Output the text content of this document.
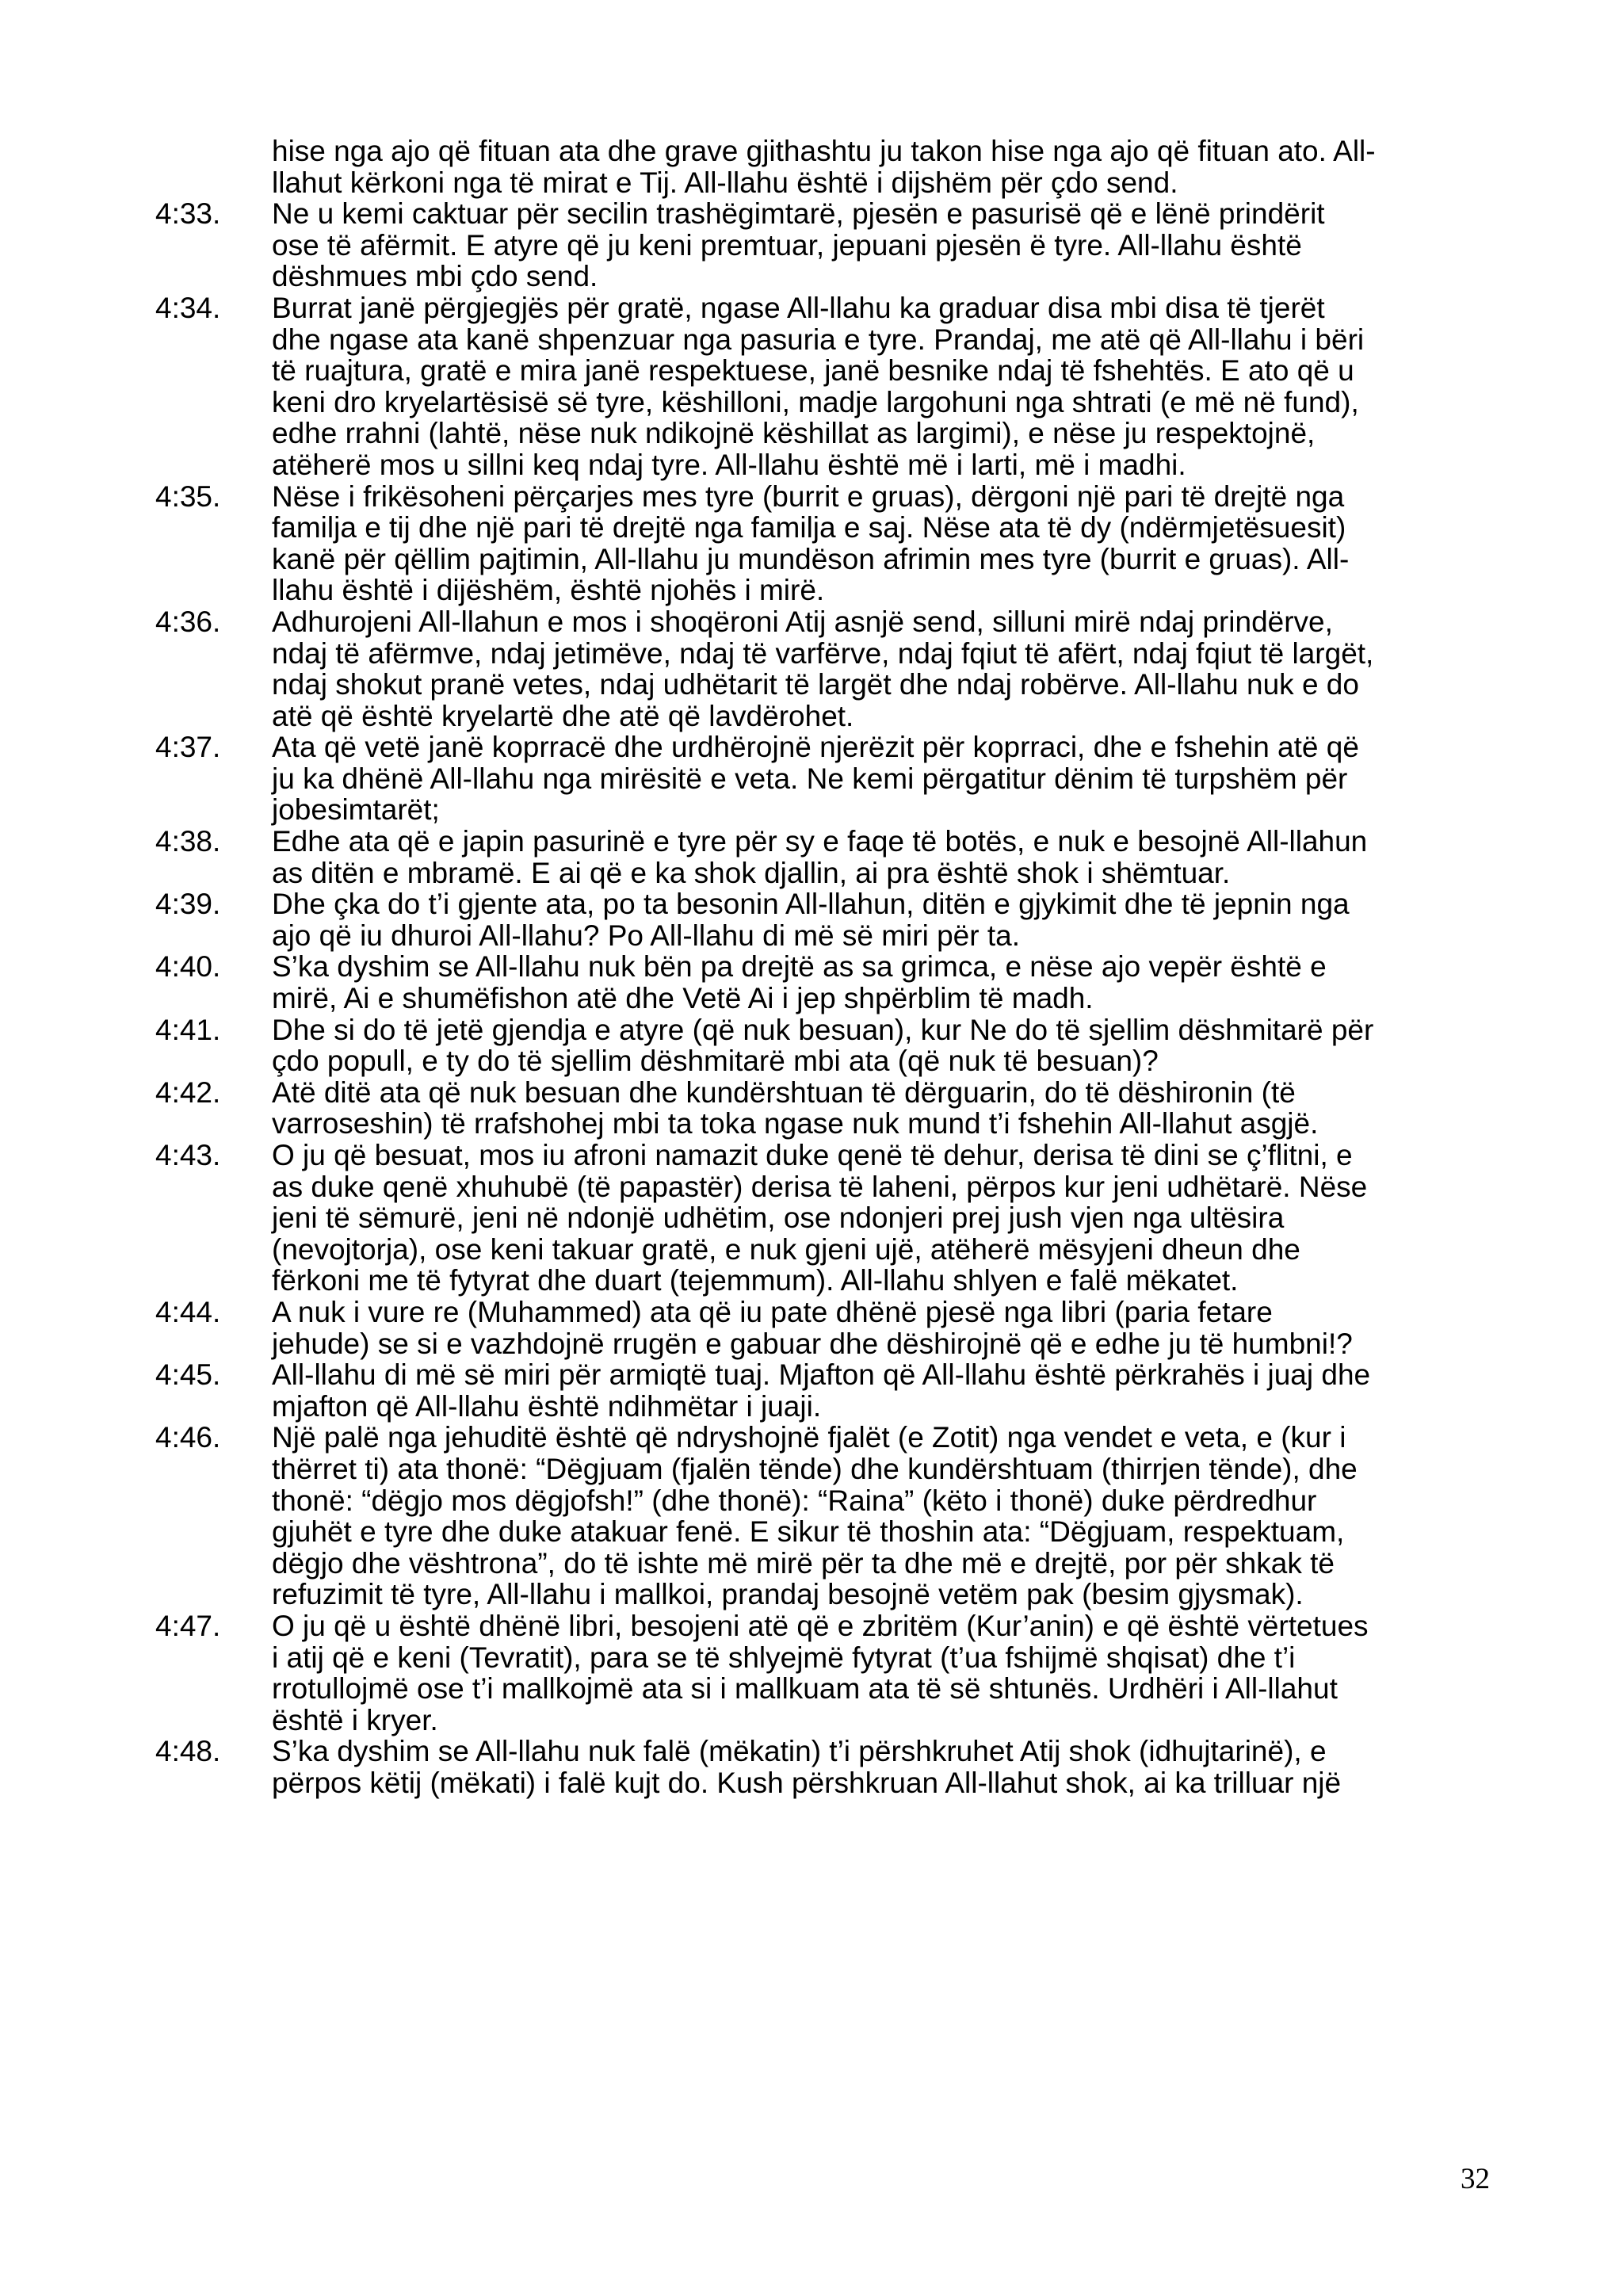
hise nga ajo që fituan ata dhe grave gjithashtu ju takon hise nga ajo që fituan ato. All-
llahut kërkoni nga të mirat e Tij. All-llahu është i dijshëm për çdo send.
4:33.	Ne u kemi caktuar për secilin trashëgimtarë, pjesën e pasurisë që e lënë prindërit
ose të afërmit. E atyre që ju keni premtuar, jepuani pjesën ë tyre. All-llahu është
dëshmues mbi çdo send.
4:34.	Burrat janë përgjegjës për gratë, ngase All-llahu ka graduar disa mbi disa të tjerët
dhe ngase ata kanë shpenzuar nga pasuria e tyre. Prandaj, me atë që All-llahu i bëri
të ruajtura, gratë e mira janë respektuese, janë besnike ndaj të fshehtës. E ato që u
keni dro kryelartësisë së tyre, këshilloni, madje largohuni nga shtrati (e më në fund),
edhe rrahni (lahtë, nëse nuk ndikojnë këshillat as largimi), e nëse ju respektojnë,
atëherë mos u sillni keq ndaj tyre. All-llahu është më i larti, më i madhi.
4:35.	Nëse i frikësoheni përçarjes mes tyre (burrit e gruas), dërgoni një pari të drejtë nga
familja e tij dhe një pari të drejtë nga familja e saj. Nëse ata të dy (ndërmjetësuesit)
kanë për qëllim pajtimin, All-llahu ju mundëson afrimin mes tyre (burrit e gruas). All-
llahu është i dijëshëm, është njohës i mirë.
4:36.	Adhurojeni All-llahun e mos i shoqëroni Atij asnjë send, silluni mirë ndaj prindërve,
ndaj të afërmve, ndaj jetimëve, ndaj të varfërve, ndaj fqiut të afërt, ndaj fqiut të largët,
ndaj shokut pranë vetes, ndaj udhëtarit të largët dhe ndaj robërve. All-llahu nuk e do
atë që është kryelartë dhe atë që lavdërohet.
4:37.	Ata që vetë janë koprracë dhe urdhërojnë njerëzit për koprraci, dhe e fshehin atë që
ju ka dhënë All-llahu nga mirësitë e veta. Ne kemi përgatitur dënim të turpshëm për
jobesimtarët;
4:38.	Edhe ata që e japin pasurinë e tyre për sy e faqe të botës, e nuk e besojnë All-llahun
as ditën e mbramë. E ai që e ka shok djallin, ai pra është shok i shëmtuar.
4:39.	Dhe çka do t’i gjente ata, po ta besonin All-llahun, ditën e gjykimit dhe të jepnin nga
ajo që iu dhuroi All-llahu? Po All-llahu di më së miri për ta.
4:40.	S’ka dyshim se All-llahu nuk bën pa drejtë as sa grimca, e nëse ajo vepër është e
mirë, Ai e shumëfishon atë dhe Vetë Ai i jep shpërblim të madh.
4:41.	Dhe si do të jetë gjendja e atyre (që nuk besuan), kur Ne do të sjellim dëshmitarë për
çdo popull, e ty do të sjellim dëshmitarë mbi ata (që nuk të besuan)?
4:42.	Atë ditë ata që nuk besuan dhe kundërshtuan të dërguarin, do të dëshironin (të
varroseshin) të rrafshohej mbi ta toka ngase nuk mund t’i fshehin All-llahut asgjë.
4:43.	O ju që besuat, mos iu afroni namazit duke qenë të dehur, derisa të dini se ç’flitni, e
as duke qenë xhuhubë (të papastër) derisa të laheni, përpos kur jeni udhëtarë. Nëse
jeni të sëmurë, jeni në ndonjë udhëtim, ose ndonjeri prej jush vjen nga ultësira
(nevojtorja), ose keni takuar gratë, e nuk gjeni ujë, atëherë mësyjeni dheun dhe
fërkoni me të fytyrat dhe duart (tejemmum). All-llahu shlyen e falë mëkatet.
4:44.	A nuk i vure re (Muhammed) ata që iu pate dhënë pjesë nga libri (paria fetare
jehude) se si e vazhdojnë rrugën e gabuar dhe dëshirojnë që e edhe ju të humbni!?
4:45.	All-llahu di më së miri për armiqtë tuaj. Mjafton që All-llahu është përkrahës i juaj dhe
mjafton që All-llahu është ndihmëtar i juaji.
4:46.	Një palë nga jehuditë është që ndryshojnë fjalët (e Zotit) nga vendet e veta, e (kur i
thërret ti) ata thonë: “Dëgjuam (fjalën tënde) dhe kundërshtuam (thirrjen tënde), dhe
thonë: “dëgjo mos dëgjofsh!” (dhe thonë): “Raina” (këto i thonë) duke përdredhur
gjuhët e tyre dhe duke atakuar fenë. E sikur të thoshin ata: “Dëgjuam, respektuam,
dëgjo dhe vështrona”, do të ishte më mirë për ta dhe më e drejtë, por për shkak të
refuzimit të tyre, All-llahu i mallkoi, prandaj besojnë vetëm pak (besim gjysmak).
4:47.	O ju që u është dhënë libri, besojeni atë që e zbritëm (Kur’anin) e që është vërtetues
i atij që e keni (Tevratit), para se të shlyejmë fytyrat (t’ua fshijmë shqisat) dhe t’i
rrotullojmë ose t’i mallkojmë ata si i mallkuam ata të së shtunës. Urdhëri i All-llahut
është i kryer.
4:48.	S’ka dyshim se All-llahu nuk falë (mëkatin) t’i përshkruhet Atij shok (idhujtarinë), e
përpos këtij (mëkati) i falë kujt do. Kush përshkruan All-llahut shok, ai ka trilluar një
32
